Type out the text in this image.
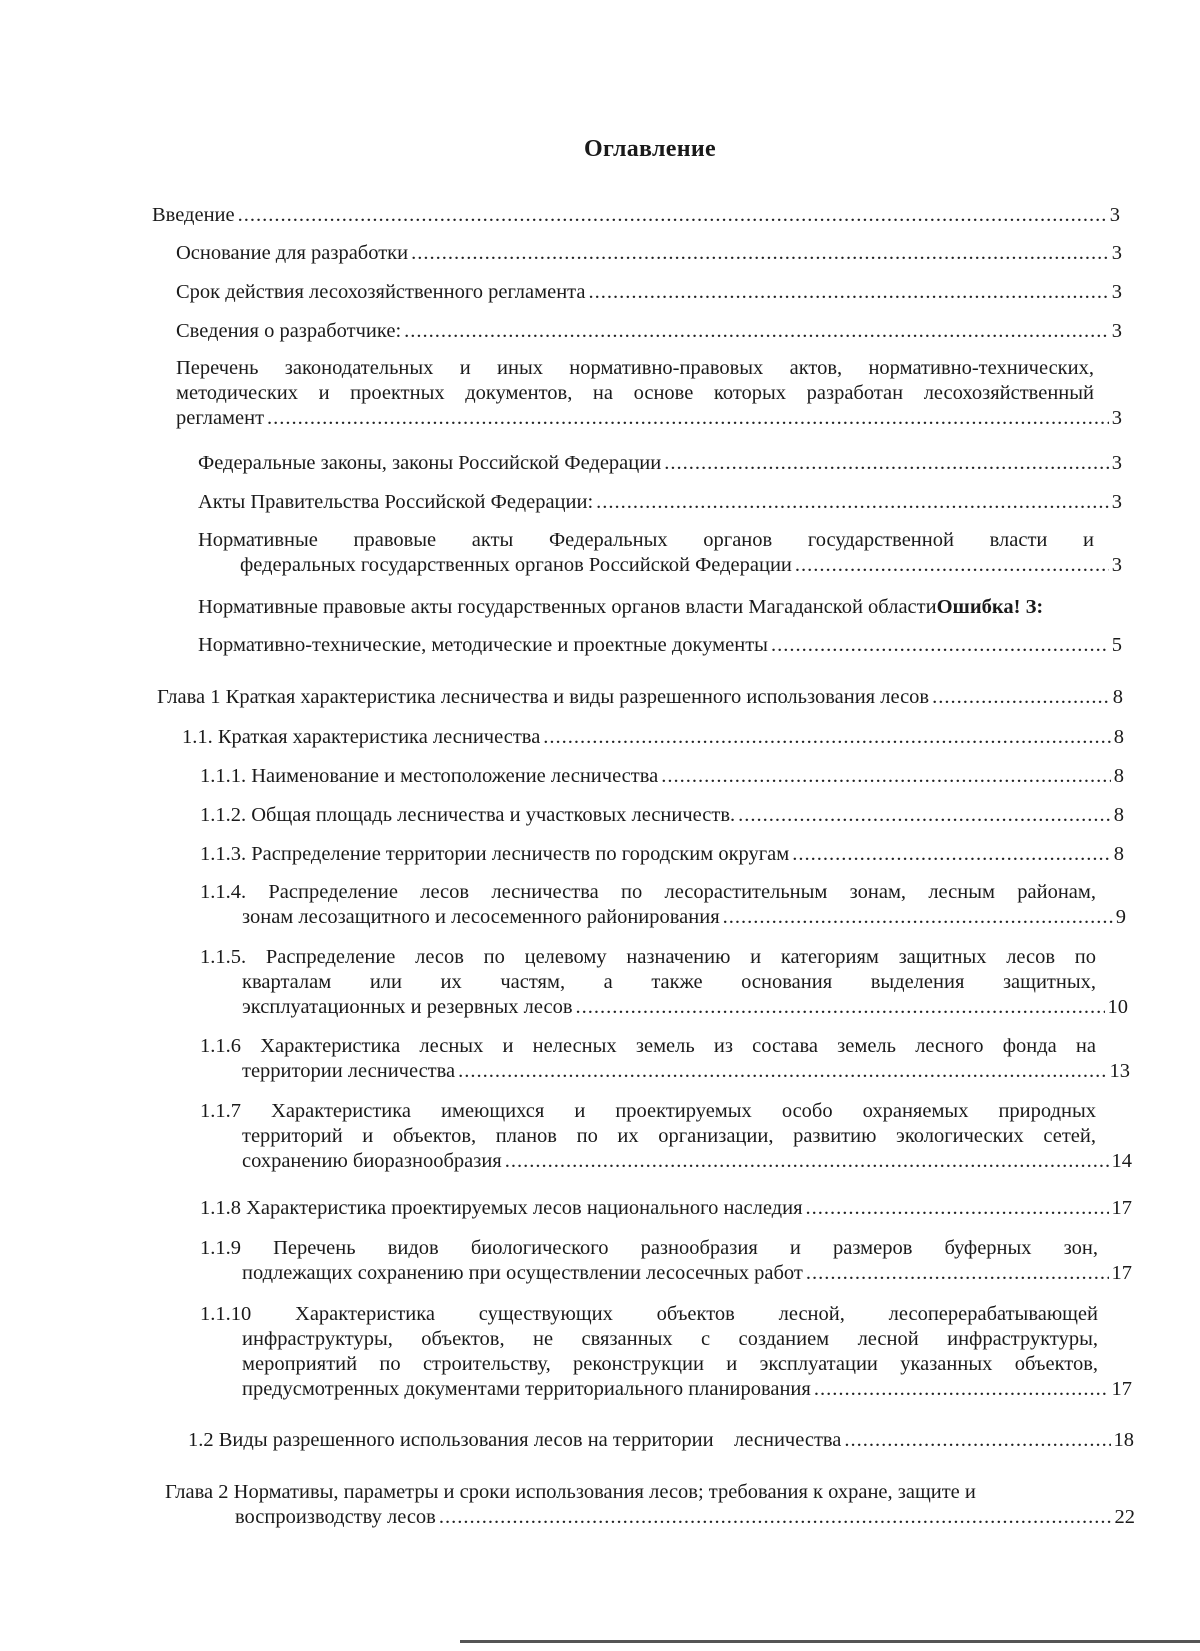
Оглавление
Введение .....	3
Основание для разработки .....	3
Срок действия лесохозяйственного регламента .....	3
Сведения о разработчике: .....	3
Перечень законодательных и иных нормативно-правовых актов, нормативно-технических,
методических и проектных документов, на основе которых разработан лесохозяйственный
регламент .....	3
Федеральные законы, законы Российской Федерации .....	3
Акты Правительства Российской Федерации: .....	3
Нормативные правовые акты Федеральных органов государственной власти и
федеральных государственных органов Российской Федерации .....	3
Нормативные правовые акты государственных органов власти Магаданской областиОшибка! З:
Нормативно-технические, методические и проектные документы .....	5
Глава 1 Краткая характеристика лесничества и виды разрешенного использования лесов .....	8
1.1. Краткая характеристика лесничества .....	8
1.1.1. Наименование и местоположение лесничества .....	8
1.1.2. Общая площадь лесничества и участковых лесничеств. .....	8
1.1.3. Распределение территории лесничеств по городским округам .....	8
1.1.4. Распределение лесов лесничества по лесорастительным зонам, лесным районам,
зонам лесозащитного и лесосеменного районирования .....	9
1.1.5. Распределение лесов по целевому назначению и категориям защитных лесов по
кварталам или их частям, а также основания выделения защитных,
эксплуатационных и резервных лесов .....	10
1.1.6 Характеристика лесных и нелесных земель из состава земель лесного фонда на
территории лесничества .....	13
1.1.7 Характеристика имеющихся и проектируемых особо охраняемых природных
территорий и объектов, планов по их организации, развитию экологических сетей,
сохранению биоразнообразия .....	14
1.1.8 Характеристика проектируемых лесов национального наследия .....	17
1.1.9 Перечень видов биологического разнообразия и размеров буферных зон,
подлежащих сохранению при осуществлении лесосечных работ .....	17
1.1.10 Характеристика существующих объектов лесной, лесоперерабатывающей
инфраструктуры, объектов, не связанных с созданием лесной инфраструктуры,
мероприятий по строительству, реконструкции и эксплуатации указанных объектов,
предусмотренных документами территориального планирования .....	17
1.2 Виды разрешенного использования лесов на территории    лесничества .....	18
Глава 2 Нормативы, параметры и сроки использования лесов; требования к охране, защите и
воспроизводству лесов .....	22
